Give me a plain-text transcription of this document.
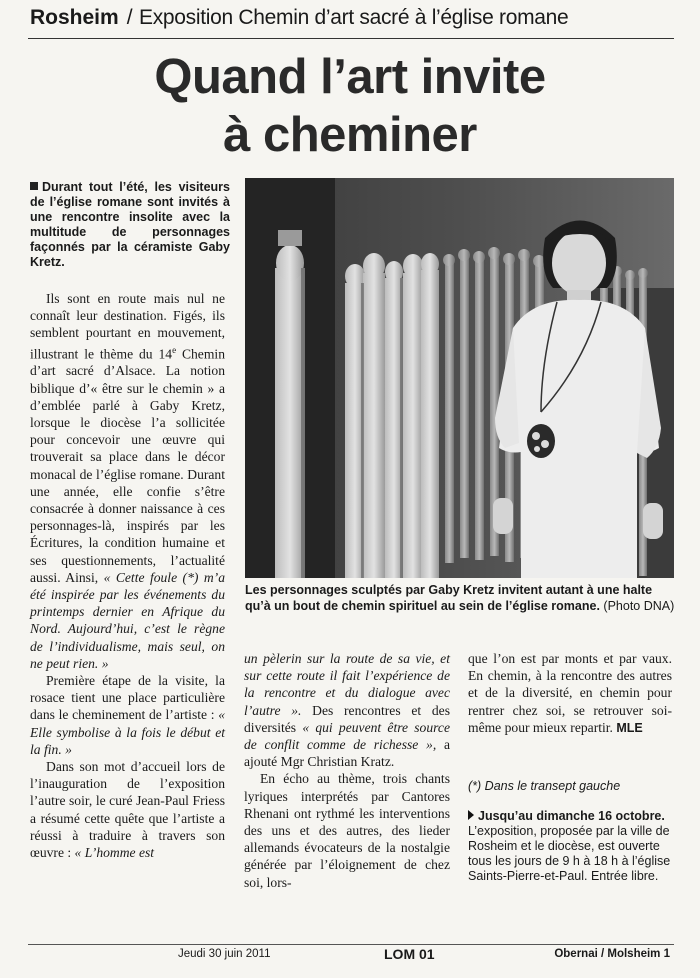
Rosheim / Exposition Chemin d’art sacré à l’église romane
Quand l’art invite
à cheminer
Durant tout l’été, les visiteurs de l’église romane sont invités à une rencontre insolite avec la multitude de personnages façonnés par la céramiste Gaby Kretz.

Ils sont en route mais nul ne connaît leur destination. Figés, ils semblent pourtant en mouvement, illustrant le thème du 14e Chemin d’art sacré d’Alsace. La notion biblique d’« être sur le chemin » a d’emblée parlé à Gaby Kretz, lorsque le diocèse l’a sollicitée pour concevoir une œuvre qui trouverait sa place dans le décor monacal de l’église romane. Durant une année, elle confie s’être consacrée à donner naissance à ces personnages-là, inspirés par les Écritures, la condition humaine et ses questionnements, l’actualité aussi. Ainsi, « Cette foule (*) m’a été inspirée par les événements du printemps dernier en Afrique du Nord. Aujourd’hui, c’est le règne de l’individualisme, mais seul, on ne peut rien. »

Première étape de la visite, la rosace tient une place particulière dans le cheminement de l’artiste : « Elle symbolise à la fois le début et la fin. »

Dans son mot d’accueil lors de l’inauguration de l’exposition l’autre soir, le curé Jean-Paul Friess a résumé cette quête que l’artiste a réussi à traduire à travers son œuvre : « L’homme est

Les personnages sculptés par Gaby Kretz invitent autant à une halte qu’à un bout de chemin spirituel au sein de l’église romane. (Photo DNA)

un pèlerin sur la route de sa vie, et sur cette route il fait l’expérience de la rencontre et du dialogue avec l’autre ». Des rencontres et des diversités « qui peuvent être source de conflit comme de richesse », a ajouté Mgr Christian Kratz.

En écho au thème, trois chants lyriques interprétés par Cantores Rhenani ont rythmé les interventions des uns et des autres, des lieder allemands évocateurs de la nostalgie générée par l’éloignement de chez soi, lors-

que l’on est par monts et par vaux. En chemin, à la rencontre des autres et de la diversité, en chemin pour rentrer chez soi, se retrouver soi-même pour mieux repartir. MLE

(*) Dans le transept gauche
Jusqu’au dimanche 16 octobre. L’exposition, proposée par la ville de Rosheim et le diocèse, est ouverte tous les jours de 9 h à 18 h à l’église Saints-Pierre-et-Paul. Entrée libre.
Jeudi 30 juin 2011	LOM 01	Obernai / Molsheim 1
